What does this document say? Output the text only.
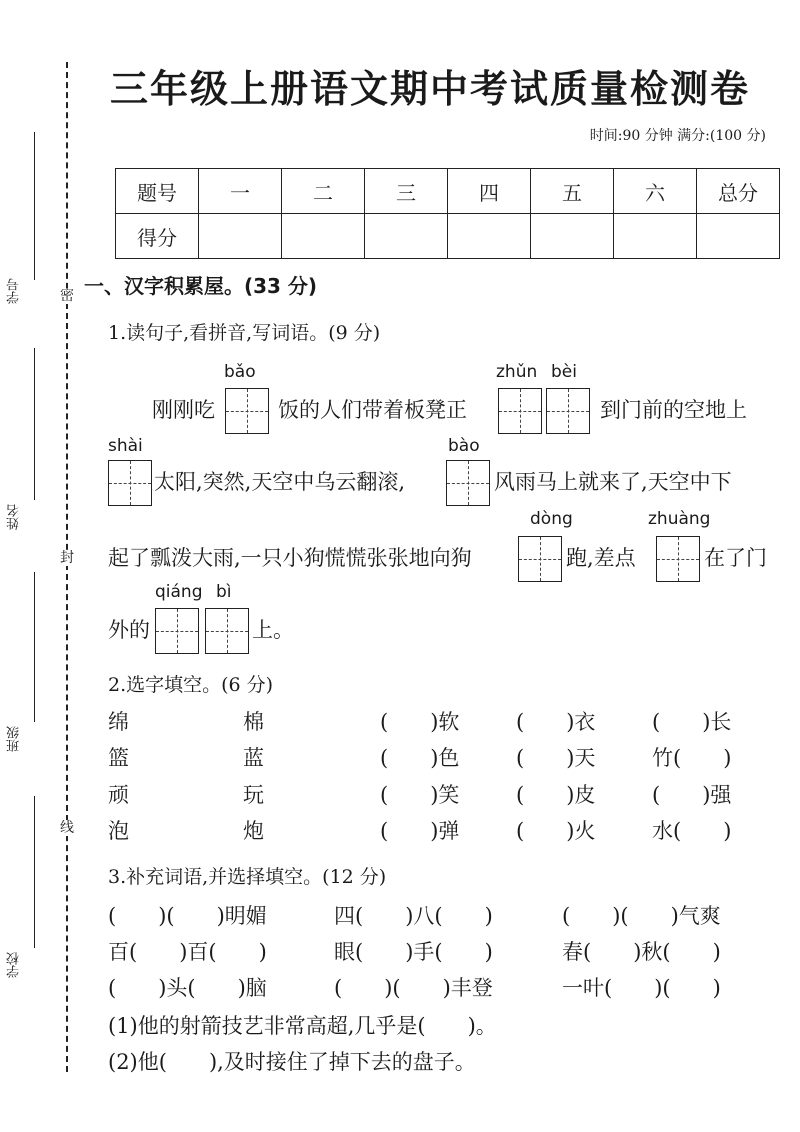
密
封
线
学号
姓名
班级
学校
三年级上册语文期中考试质量检测卷
时间:90 分钟 满分:(100 分)
题号	一	二	三	四	五	六	总分
得分							
一、汉字积累屋。(33 分)
1.读句子,看拼音,写词语。(9 分)
bǎo	zhǔn bèi
刚刚吃	饭的人们带着板凳正	到门前的空地上
shài	bào
太阳,突然,天空中乌云翻滚,	风雨马上就来了,天空中下
dòng	zhuàng
起了瓢泼大雨,一只小狗慌慌张张地向狗	跑,差点	在了门
qiáng bì
外的	上。
2.选字填空。(6 分)
绵	棉	(　　)软	(　　)衣	(　　)长
篮	蓝	(　　)色	(　　)天	竹(　　)
顽	玩	(　　)笑	(　　)皮	(　　)强
泡	炮	(　　)弹	(　　)火	水(　　)
3.补充词语,并选择填空。(12 分)
(　　)(　　)明媚	四(　　)八(　　)	(　　)(　　)气爽
百(　　)百(　　)	眼(　　)手(　　)	春(　　)秋(　　)
(　　)头(　　)脑	(　　)(　　)丰登	一叶(　　)(　　)
(1)他的射箭技艺非常高超,几乎是(　　)。
(2)他(　　),及时接住了掉下去的盘子。
